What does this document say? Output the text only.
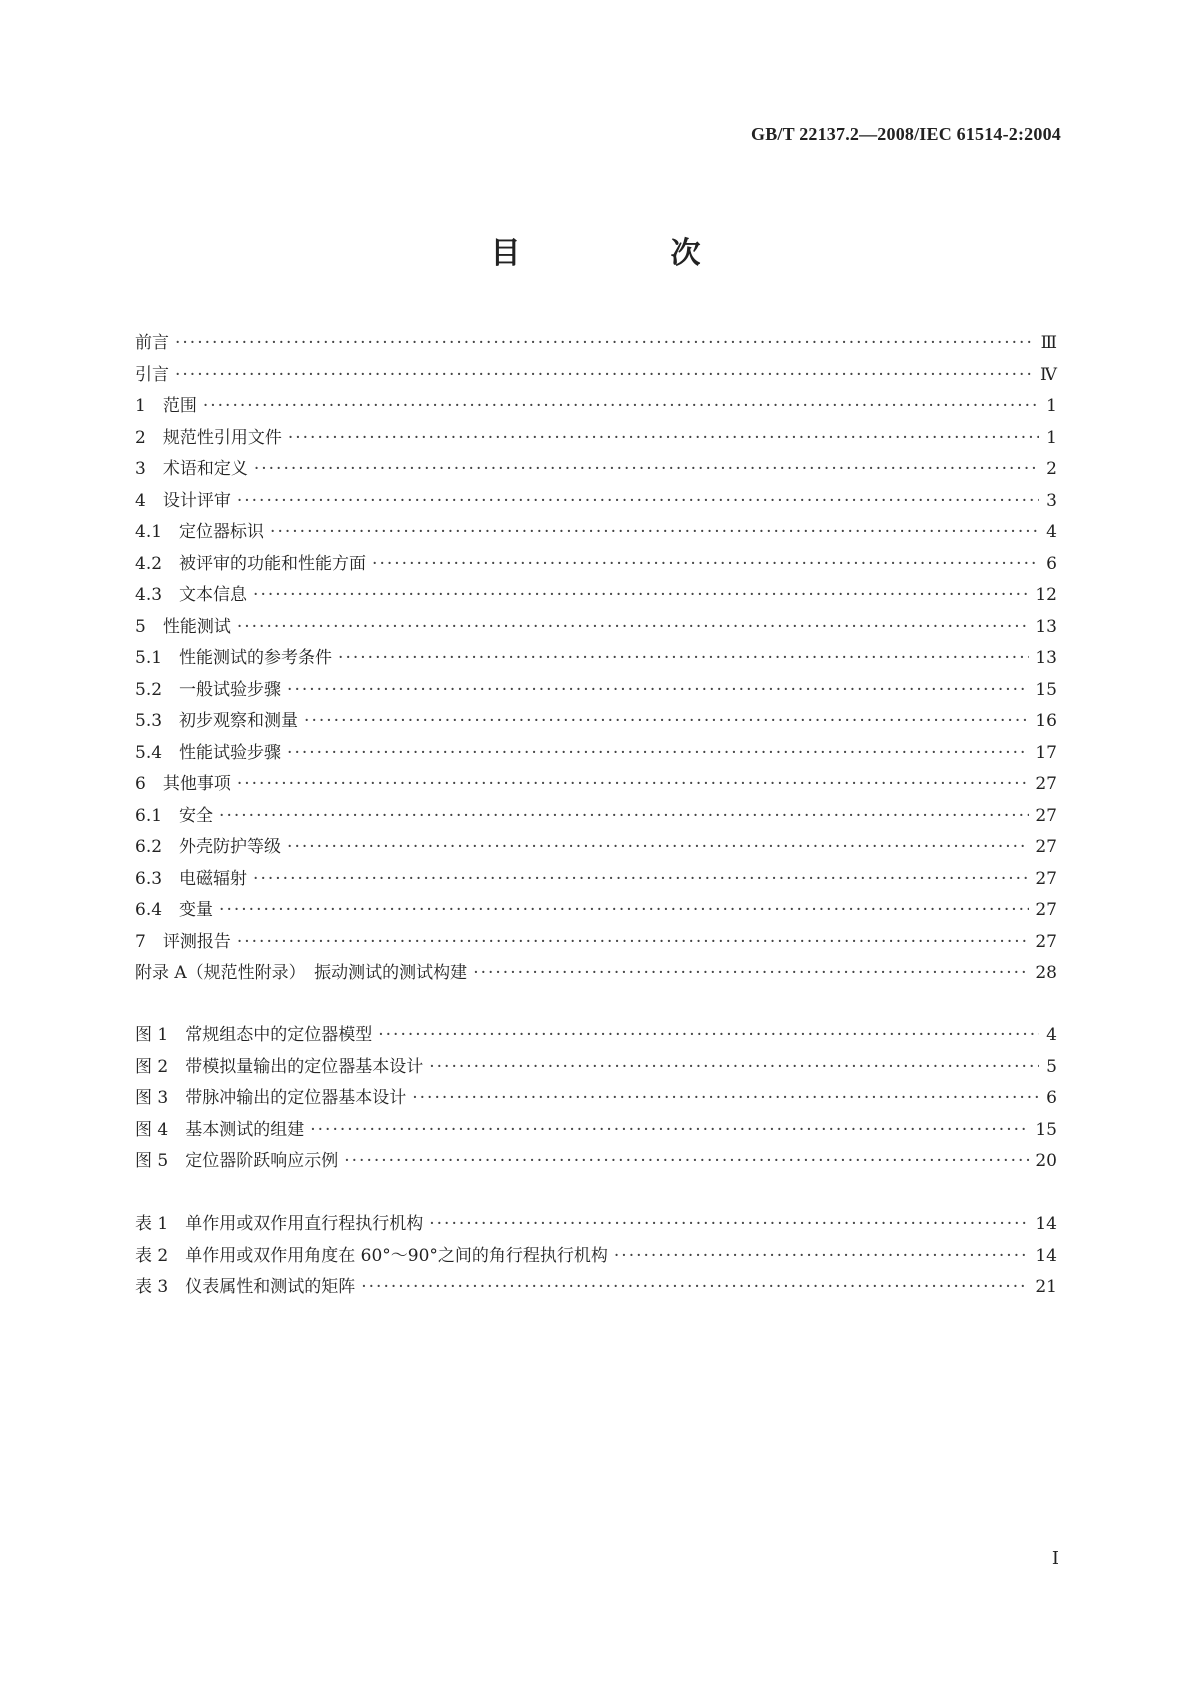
GB/T 22137.2—2008/IEC 61514-2:2004
目　次
前言 ·····	Ⅲ
引言 ·····	Ⅳ
1　范围 ·····	1
2　规范性引用文件 ·····	1
3　术语和定义 ·····	2
4　设计评审 ·····	3
4.1　定位器标识 ·····	4
4.2　被评审的功能和性能方面 ·····	6
4.3　文本信息 ·····	12
5　性能测试 ·····	13
5.1　性能测试的参考条件 ·····	13
5.2　一般试验步骤 ·····	15
5.3　初步观察和测量 ·····	16
5.4　性能试验步骤 ·····	17
6　其他事项 ·····	27
6.1　安全 ·····	27
6.2　外壳防护等级 ·····	27
6.3　电磁辐射 ·····	27
6.4　变量 ·····	27
7　评测报告 ·····	27
附录 A（规范性附录）　振动测试的测试构建 ·····	28
图 1　常规组态中的定位器模型 ·····	4
图 2　带模拟量输出的定位器基本设计 ·····	5
图 3　带脉冲输出的定位器基本设计 ·····	6
图 4　基本测试的组建 ·····	15
图 5　定位器阶跃响应示例 ·····	20
表 1　单作用或双作用直行程执行机构 ·····	14
表 2　单作用或双作用角度在 60°～90°之间的角行程执行机构 ·····	14
表 3　仪表属性和测试的矩阵 ·····	21
I
